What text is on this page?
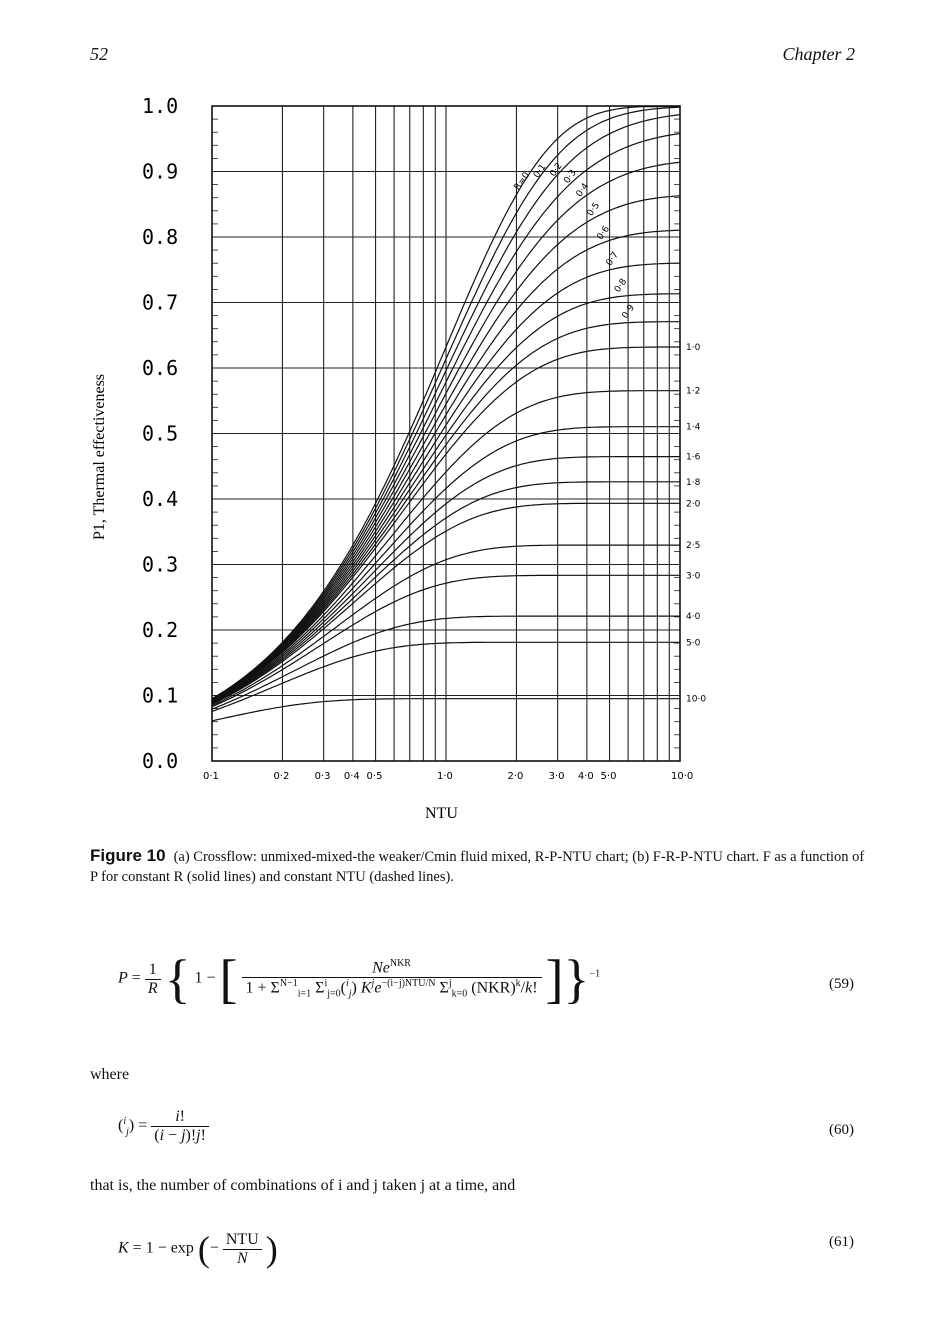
52	Chapter 2
1.0
0.9
0.8
0.7
0.6
0.5
0.4
0.3
0.2
0.1
0.0
0·1	0·2	0·3 0·4 0·5	1·0	2·0	3·0 4·0 5·0	10·0
R=0 0·1 0·2
0·3
0·4
0·5
0·6
0·7
0·8
0·9
1·0
1·2
1·4
1·6
1·8
2·0
2·5
3·0
4·0
5·0
10·0
P1, Thermal effectiveness
NTU
Figure 10 (a) Crossflow: unmixed-mixed-the weaker/Cmin fluid mixed, R-P-NTU chart; (b) F-R-P-NTU chart. F as a function of P for constant R (solid lines) and constant NTU (dashed lines).
$P = \frac{1}{R}$ { 1 − [ $\frac{Ne^{NKR}}{1 + \Sigma^{N-1}_{i=1} \Sigma^i_{j=0}(^i_j) K^je^{-(i-j)NTU/N} \Sigma^j_{k=0} (NKR)^k/k!} ]\}^{-1}$
(59)
where
$(^i_j) = \frac{i!}{(i - j)!j!}$	(60)
that is, the number of combinations of i and j taken j at a time, and
K = 1 − exp (− $\frac{\text{NTU}}{N}$ )	(61)
